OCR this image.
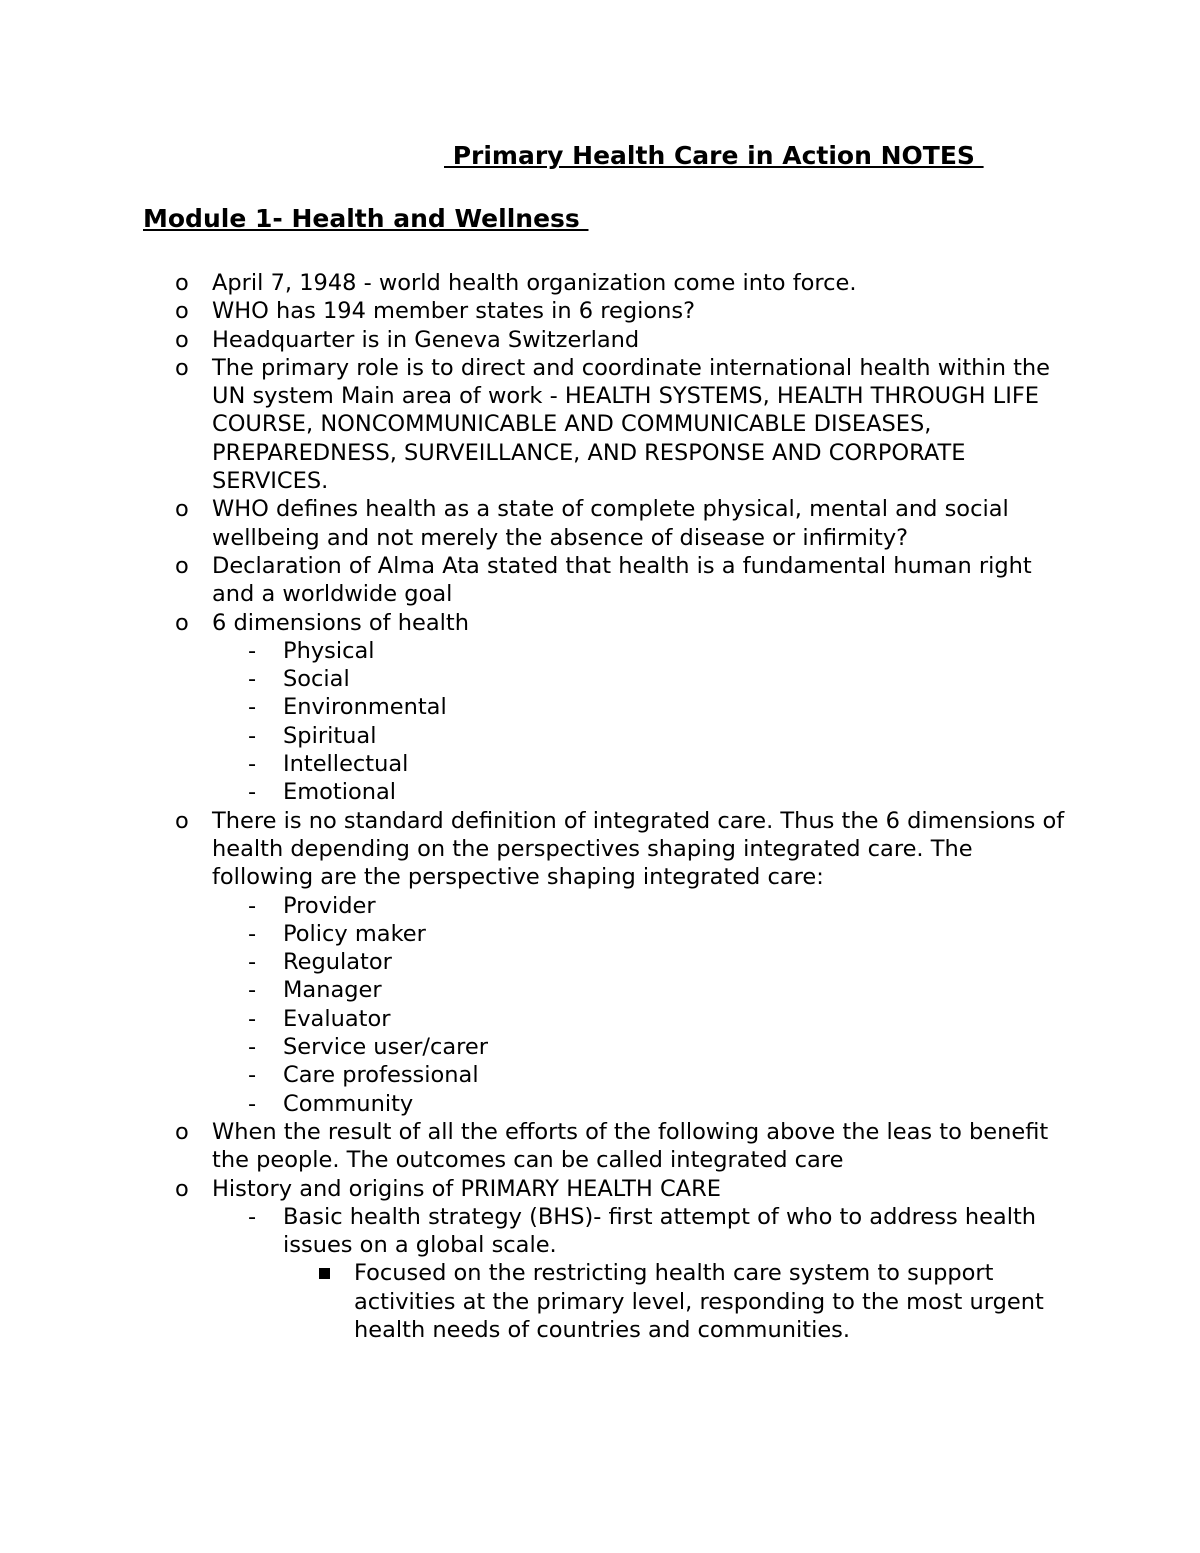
Primary Health Care in Action NOTES
Module 1- Health and Wellness
o April 7, 1948 - world health organization come into force.
o WHO has 194 member states in 6 regions?
o Headquarter is in Geneva Switzerland
o The primary role is to direct and coordinate international health within the UN system Main area of work - HEALTH SYSTEMS, HEALTH THROUGH LIFE COURSE, NONCOMMUNICABLE AND COMMUNICABLE DISEASES, PREPAREDNESS, SURVEILLANCE, AND RESPONSE AND CORPORATE SERVICES.
o WHO defines health as a state of complete physical, mental and social wellbeing and not merely the absence of disease or infirmity?
o Declaration of Alma Ata stated that health is a fundamental human right and a worldwide goal
o 6 dimensions of health
- Physical
- Social
- Environmental
- Spiritual
- Intellectual
- Emotional
o There is no standard definition of integrated care. Thus the 6 dimensions of health depending on the perspectives shaping integrated care. The following are the perspective shaping integrated care:
- Provider
- Policy maker
- Regulator
- Manager
- Evaluator
- Service user/carer
- Care professional
- Community
o When the result of all the efforts of the following above the leas to benefit the people. The outcomes can be called integrated care
o History and origins of PRIMARY HEALTH CARE
- Basic health strategy (BHS)- first attempt of who to address health issues on a global scale.
Focused on the restricting health care system to support activities at the primary level, responding to the most urgent health needs of countries and communities.
